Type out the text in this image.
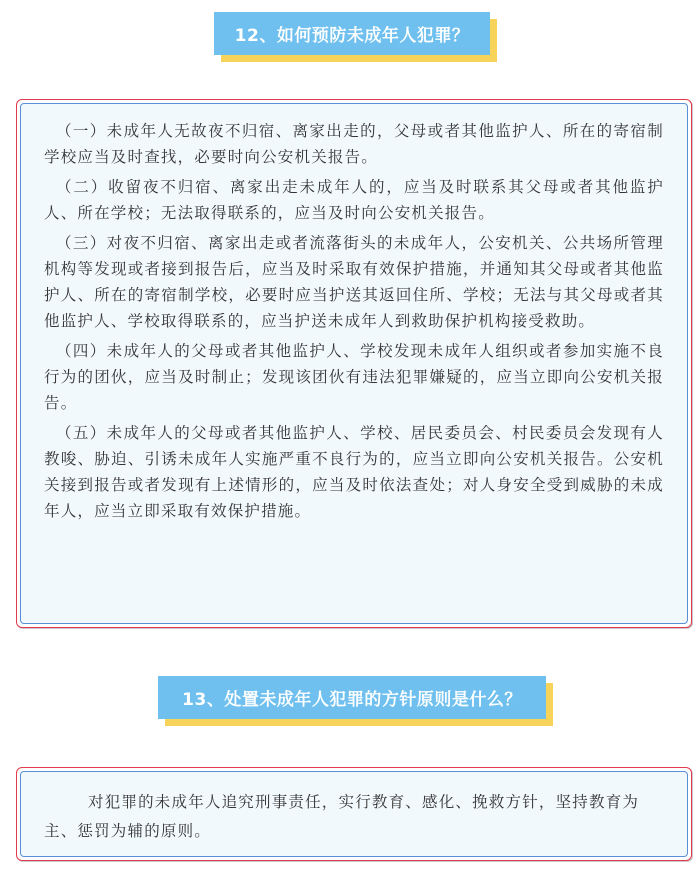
12、如何预防未成年人犯罪？

（一）未成年人无故夜不归宿、离家出走的，父母或者其他监护人、所在的寄宿制学校应当及时查找，必要时向公安机关报告。

（二）收留夜不归宿、离家出走未成年人的，应当及时联系其父母或者其他监护人、所在学校；无法取得联系的，应当及时向公安机关报告。

（三）对夜不归宿、离家出走或者流落街头的未成年人，公安机关、公共场所管理机构等发现或者接到报告后，应当及时采取有效保护措施，并通知其父母或者其他监护人、所在的寄宿制学校，必要时应当护送其返回住所、学校；无法与其父母或者其他监护人、学校取得联系的，应当护送未成年人到救助保护机构接受救助。

（四）未成年人的父母或者其他监护人、学校发现未成年人组织或者参加实施不良行为的团伙，应当及时制止；发现该团伙有违法犯罪嫌疑的，应当立即向公安机关报告。

（五）未成年人的父母或者其他监护人、学校、居民委员会、村民委员会发现有人教唆、胁迫、引诱未成年人实施严重不良行为的，应当立即向公安机关报告。公安机关接到报告或者发现有上述情形的，应当及时依法查处；对人身安全受到威胁的未成年人，应当立即采取有效保护措施。

13、处置未成年人犯罪的方针原则是什么？

对犯罪的未成年人追究刑事责任，实行教育、感化、挽救方针，坚持教育为主、惩罚为辅的原则。
